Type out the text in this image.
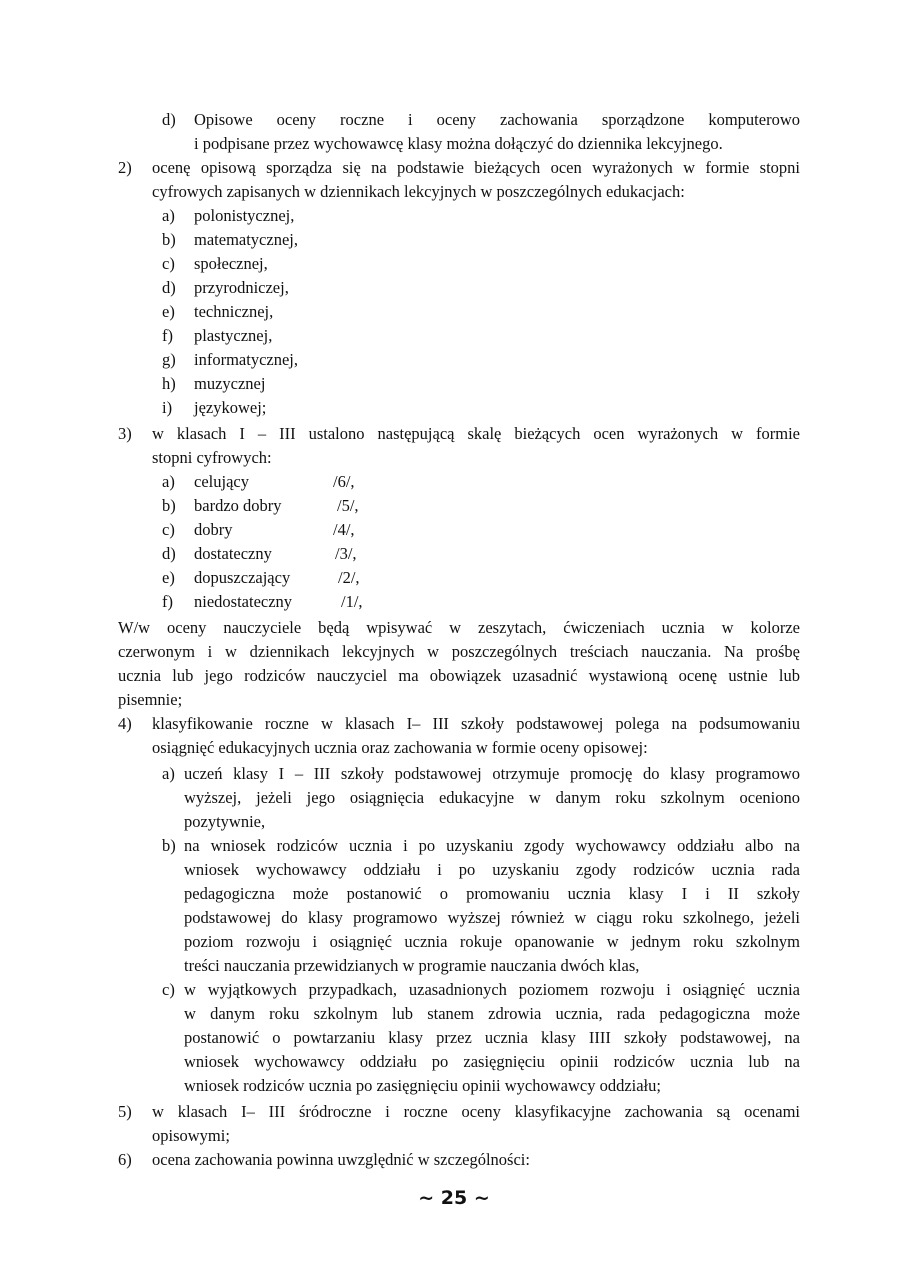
d) Opisowe oceny roczne i oceny zachowania sporządzone komputerowo
i podpisane przez wychowawcę klasy można dołączyć do dziennika lekcyjnego.
2) ocenę opisową sporządza się na podstawie bieżących ocen wyrażonych w formie stopni
cyfrowych zapisanych w dziennikach lekcyjnych w poszczególnych edukacjach:
a) polonistycznej,
b) matematycznej,
c) społecznej,
d) przyrodniczej,
e) technicznej,
f) plastycznej,
g) informatycznej,
h) muzycznej
i) językowej;
3) w klasach I – III ustalono następującą skalę bieżących ocen wyrażonych w formie
stopni cyfrowych:
a) celujący	/6/,
b) bardzo dobry	/5/,
c) dobry	/4/,
d) dostateczny	/3/,
e) dopuszczający	/2/,
f) niedostateczny	/1/,
W/w oceny nauczyciele będą wpisywać w zeszytach, ćwiczeniach ucznia w kolorze
czerwonym i w dziennikach lekcyjnych w poszczególnych treściach nauczania. Na prośbę
ucznia lub jego rodziców nauczyciel ma obowiązek uzasadnić wystawioną ocenę ustnie lub
pisemnie;
4) klasyfikowanie roczne w klasach I– III szkoły podstawowej polega na podsumowaniu
osiągnięć edukacyjnych ucznia oraz zachowania w formie oceny opisowej:
a) uczeń klasy I – III szkoły podstawowej otrzymuje promocję do klasy programowo
wyższej, jeżeli jego osiągnięcia edukacyjne w danym roku szkolnym oceniono
pozytywnie,
b) na wniosek rodziców ucznia i po uzyskaniu zgody wychowawcy oddziału albo na
wniosek wychowawcy oddziału i po uzyskaniu zgody rodziców ucznia rada
pedagogiczna może postanowić o promowaniu ucznia klasy I i II szkoły
podstawowej do klasy programowo wyższej również w ciągu roku szkolnego, jeżeli
poziom rozwoju i osiągnięć ucznia rokuje opanowanie w jednym roku szkolnym
treści nauczania przewidzianych w programie nauczania dwóch klas,
c) w wyjątkowych przypadkach, uzasadnionych poziomem rozwoju i osiągnięć ucznia
w danym roku szkolnym lub stanem zdrowia ucznia, rada pedagogiczna może
postanowić o powtarzaniu klasy przez ucznia klasy IIII szkoły podstawowej, na
wniosek wychowawcy oddziału po zasięgnięciu opinii rodziców ucznia lub na
wniosek rodziców ucznia po zasięgnięciu opinii wychowawcy oddziału;
5) w klasach I– III śródroczne i roczne oceny klasyfikacyjne zachowania są ocenami
opisowymi;
6) ocena zachowania powinna uwzględnić w szczególności:
~ 25 ~
